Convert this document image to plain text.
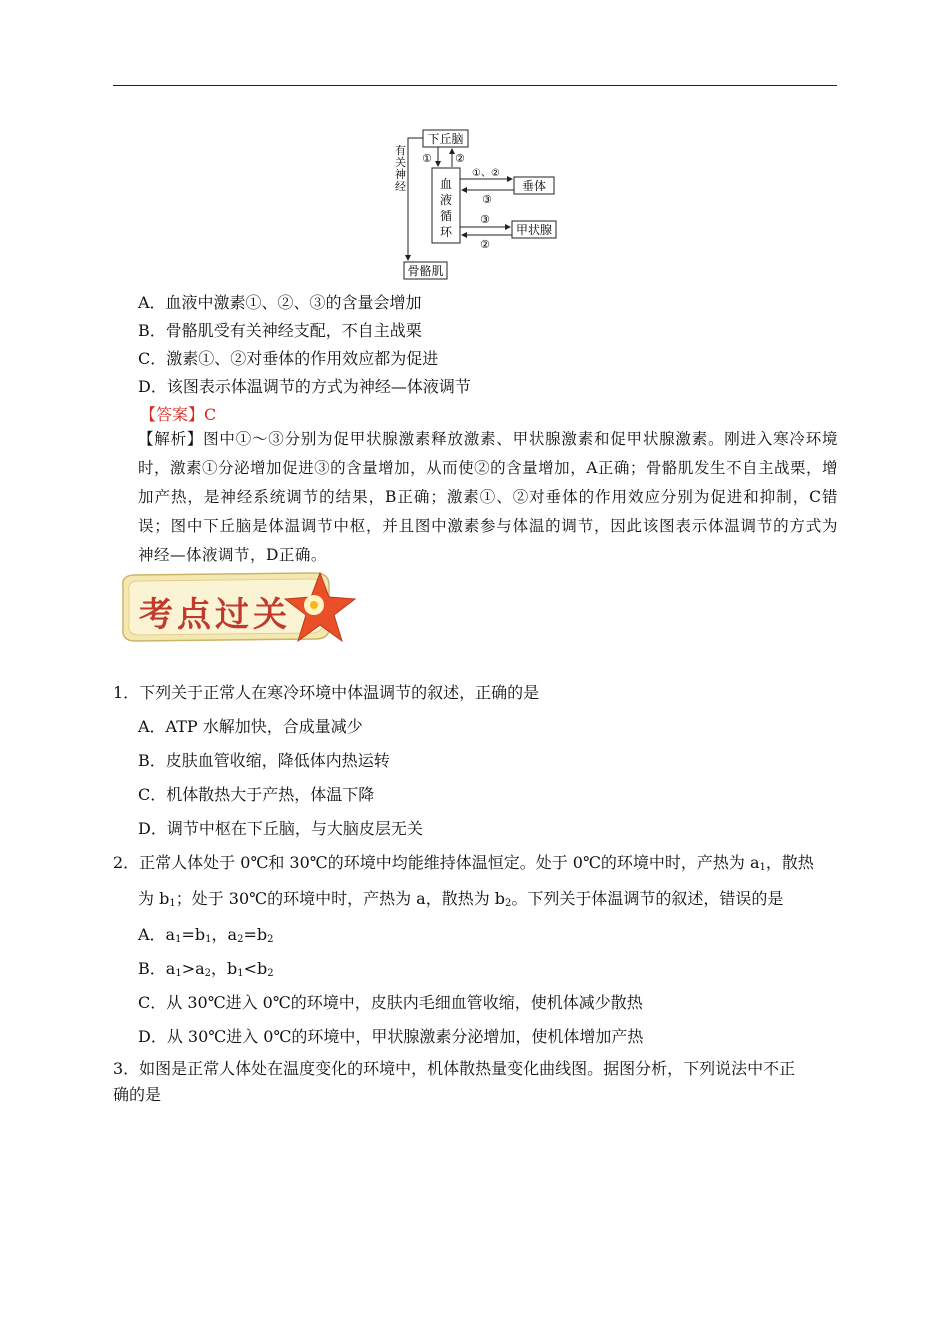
下丘脑
血
液
循
环
垂体
甲状腺
骨骼肌
有
关
神
经
① ②
①、②
③
③
②
A．血液中激素①、②、③的含量会增加
B．骨骼肌受有关神经支配，不自主战栗
C．激素①、②对垂体的作用效应都为促进
D．该图表示体温调节的方式为神经—体液调节
【答案】C
【解析】图中①～③分别为促甲状腺激素释放激素、甲状腺激素和促甲状腺激素。刚进入寒冷环境时，激素①分泌增加促进③的含量增加，从而使②的含量增加，A正确；骨骼肌发生不自主战栗，增加产热，是神经系统调节的结果，B正确；激素①、②对垂体的作用效应分别为促进和抑制，C错误；图中下丘脑是体温调节中枢，并且图中激素参与体温的调节，因此该图表示体温调节的方式为神经—体液调节，D正确。
考点过关
1．下列关于正常人在寒冷环境中体温调节的叙述，正确的是
A．ATP 水解加快，合成量减少
B．皮肤血管收缩，降低体内热运转
C．机体散热大于产热，体温下降
D．调节中枢在下丘脑，与大脑皮层无关
2．正常人体处于 0℃和 30℃的环境中均能维持体温恒定。处于 0℃的环境中时，产热为 $a_1$，散热
为 $b_1$；处于 30℃的环境中时，产热为 a，散热为 $b_2$。下列关于体温调节的叙述，错误的是
A．$a_1=b_1$，$a_2=b_2$
B．$a_1>a_2$，$b_1<b_2$
C．从 30℃进入 0℃的环境中，皮肤内毛细血管收缩，使机体减少散热
D．从 30℃进入 0℃的环境中，甲状腺激素分泌增加，使机体增加产热
3．如图是正常人体处在温度变化的环境中，机体散热量变化曲线图。据图分析，下列说法中不正
确的是
